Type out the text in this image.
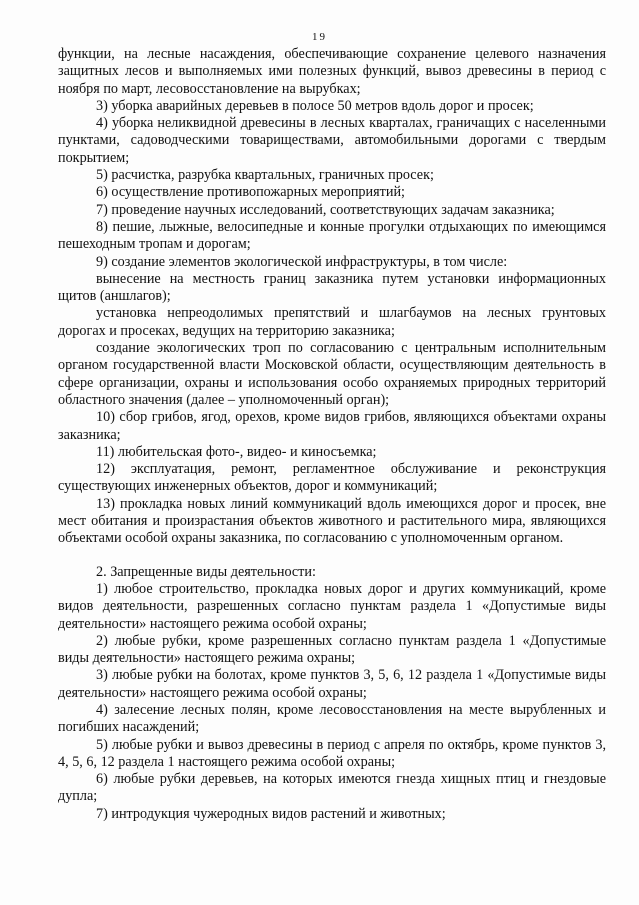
19

функции, на лесные насаждения, обеспечивающие сохранение целевого назначения защитных лесов и выполняемых ими полезных функций, вывоз древесины в период с ноября по март, лесовосстановление на вырубках;

3) уборка аварийных деревьев в полосе 50 метров вдоль дорог и просек;

4) уборка неликвидной древесины в лесных кварталах, граничащих с населенными пунктами, садоводческими товариществами, автомобильными дорогами с твердым покрытием;

5) расчистка, разрубка квартальных, граничных просек;

6) осуществление противопожарных мероприятий;

7) проведение научных исследований, соответствующих задачам заказника;

8) пешие, лыжные, велосипедные и конные прогулки отдыхающих по имеющимся пешеходным тропам и дорогам;

9) создание элементов экологической инфраструктуры, в том числе:

вынесение на местность границ заказника путем установки информационных щитов (аншлагов);

установка непреодолимых препятствий и шлагбаумов на лесных грунтовых дорогах и просеках, ведущих на территорию заказника;

создание экологических троп по согласованию с центральным исполнительным органом государственной власти Московской области, осуществляющим деятельность в сфере организации, охраны и использования особо охраняемых природных территорий областного значения (далее – уполномоченный орган);

10) сбор грибов, ягод, орехов, кроме видов грибов, являющихся объектами охраны заказника;

11) любительская фото-, видео- и киносъемка;

12) эксплуатация, ремонт, регламентное обслуживание и реконструкция существующих инженерных объектов, дорог и коммуникаций;

13) прокладка новых линий коммуникаций вдоль имеющихся дорог и просек, вне мест обитания и произрастания объектов животного и растительного мира, являющихся объектами особой охраны заказника, по согласованию с уполномоченным органом.

2. Запрещенные виды деятельности:

1) любое строительство, прокладка новых дорог и других коммуникаций, кроме видов деятельности, разрешенных согласно пунктам раздела 1 «Допустимые виды деятельности» настоящего режима особой охраны;

2) любые рубки, кроме разрешенных согласно пунктам раздела 1 «Допустимые виды деятельности» настоящего режима охраны;

3) любые рубки на болотах, кроме пунктов 3, 5, 6, 12 раздела 1 «Допустимые виды деятельности» настоящего режима особой охраны;

4) залесение лесных полян, кроме лесовосстановления на месте вырубленных и погибших насаждений;

5) любые рубки и вывоз древесины в период с апреля по октябрь, кроме пунктов 3, 4, 5, 6, 12 раздела 1 настоящего режима особой охраны;

6) любые рубки деревьев, на которых имеются гнезда хищных птиц и гнездовые дупла;

7) интродукция чужеродных видов растений и животных;
